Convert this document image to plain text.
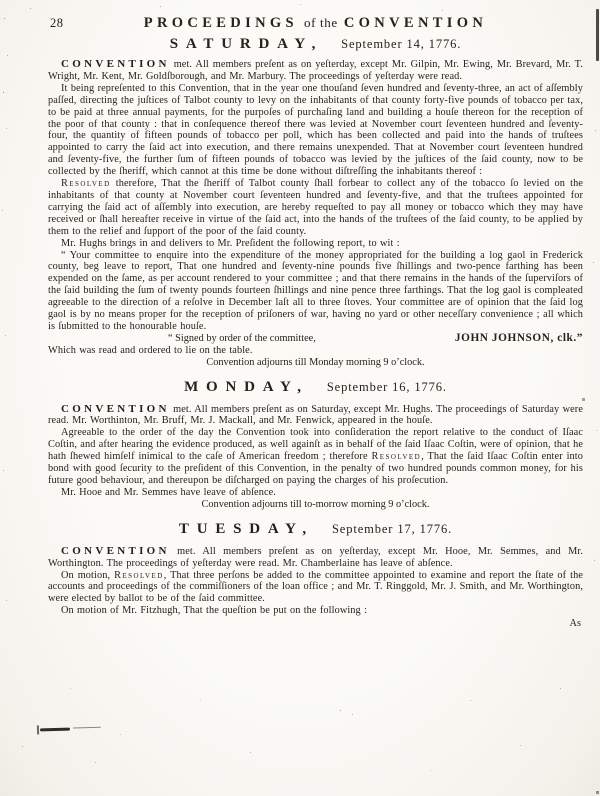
28	PROCEEDINGS of the CONVENTION
SATURDAY, September 14, 1776.

CONVENTION met. All members preſent as on yeſterday, except Mr. Gilpin, Mr. Ewing, Mr. Brevard, Mr. T. Wright, Mr. Kent, Mr. Goldſborough, and Mr. Marbury. The proceedings of yeſterday were read.

It being repreſented to this Convention, that in the year one thouſand ſeven hundred and ſeventy-three, an act of aſſembly paſſed, directing the juſtices of Talbot county to levy on the inhabitants of that county forty-five pounds of tobacco per tax, to be paid at three annual payments, for the purpoſes of purchaſing land and building a houſe thereon for the reception of the poor of that county : that in conſequence thereof there was levied at November court ſeventeen hundred and ſeventy-four, the quantity of fifteen pounds of tobacco per poll, which has been collected and paid into the hands of truſtees appointed to carry the ſaid act into execution, and there remains unexpended. That at November court ſeventeen hundred and ſeventy-five, the further ſum of fifteen pounds of tobacco was levied by the juſtices of the ſaid county, now to be collected by the ſheriff, which cannot at this time be done without diſtreſſing the inhabitants thereof :

Resolved therefore, That the ſheriff of Talbot county ſhall forbear to collect any of the tobacco ſo levied on the inhabitants of that county at November court ſeventeen hundred and ſeventy-five, and that the truſtees appointed for carrying the ſaid act of aſſembly into execution, are hereby requeſted to pay all money or tobacco which they may have received or ſhall hereafter receive in virtue of the ſaid act, into the hands of the truſtees of the ſaid county, to be applied by them to the relief and ſupport of the poor of the ſaid county.

Mr. Hughs brings in and delivers to Mr. Preſident the following report, to wit :

“ Your committee to enquire into the expenditure of the money appropriated for the building a log gaol in Frederick county, beg leave to report, That one hundred and ſeventy-nine pounds five ſhillings and two-pence farthing has been expended on the ſame, as per account rendered to your committee ; and that there remains in the hands of the ſuperviſors of the ſaid building the ſum of twenty pounds fourteen ſhillings and nine pence three farthings. That the log gaol is compleated agreeable to the direction of a reſolve in December laſt all to three ſtoves. Your committee are of opinion that the ſaid log gaol is by no means proper for the reception of priſoners of war, having no yard or other neceſſary convenience ; all which is ſubmitted to the honourable houſe.

“ Signed by order of the committee,	JOHN JOHNSON, clk.”

Which was read and ordered to lie on the table.

Convention adjourns till Monday morning 9 o’clock.

MONDAY, September 16, 1776.

CONVENTION met. All members preſent as on Saturday, except Mr. Hughs. The proceedings of Saturday were read. Mr. Worthinton, Mr. Bruff, Mr. J. Mackall, and Mr. Fenwick, appeared in the houſe.

Agreeable to the order of the day the Convention took into conſideration the report relative to the conduct of Iſaac Coſtin, and after hearing the evidence produced, as well againſt as in behalf of the ſaid Iſaac Coſtin, were of opinion, that he hath ſhewed himſelf inimical to the caſe of American freedom ; therefore Resolved, That the ſaid Iſaac Coſtin enter into bond with good ſecurity to the preſident of this Convention, in the penalty of two hundred pounds common money, for his future good behaviour, and thereupon be diſcharged on paying the charges of his proſecution.

Mr. Hooe and Mr. Semmes have leave of abſence.

Convention adjourns till to-morrow morning 9 o’clock.

TUESDAY, September 17, 1776.

CONVENTION met. All members preſent as on yeſterday, except Mr. Hooe, Mr. Semmes, and Mr. Worthington. The proceedings of yeſterday were read. Mr. Chamberlaine has leave of abſence.

On motion, Resolved, That three perſons be added to the committee appointed to examine and report the ſtate of the accounts and proceedings of the commiſſioners of the loan office ; and Mr. T. Ringgold, Mr. J. Smith, and Mr. Worthington, were elected by ballot to be of the ſaid committee.

On motion of Mr. Fitzhugh, That the queſtion be put on the following :

As
